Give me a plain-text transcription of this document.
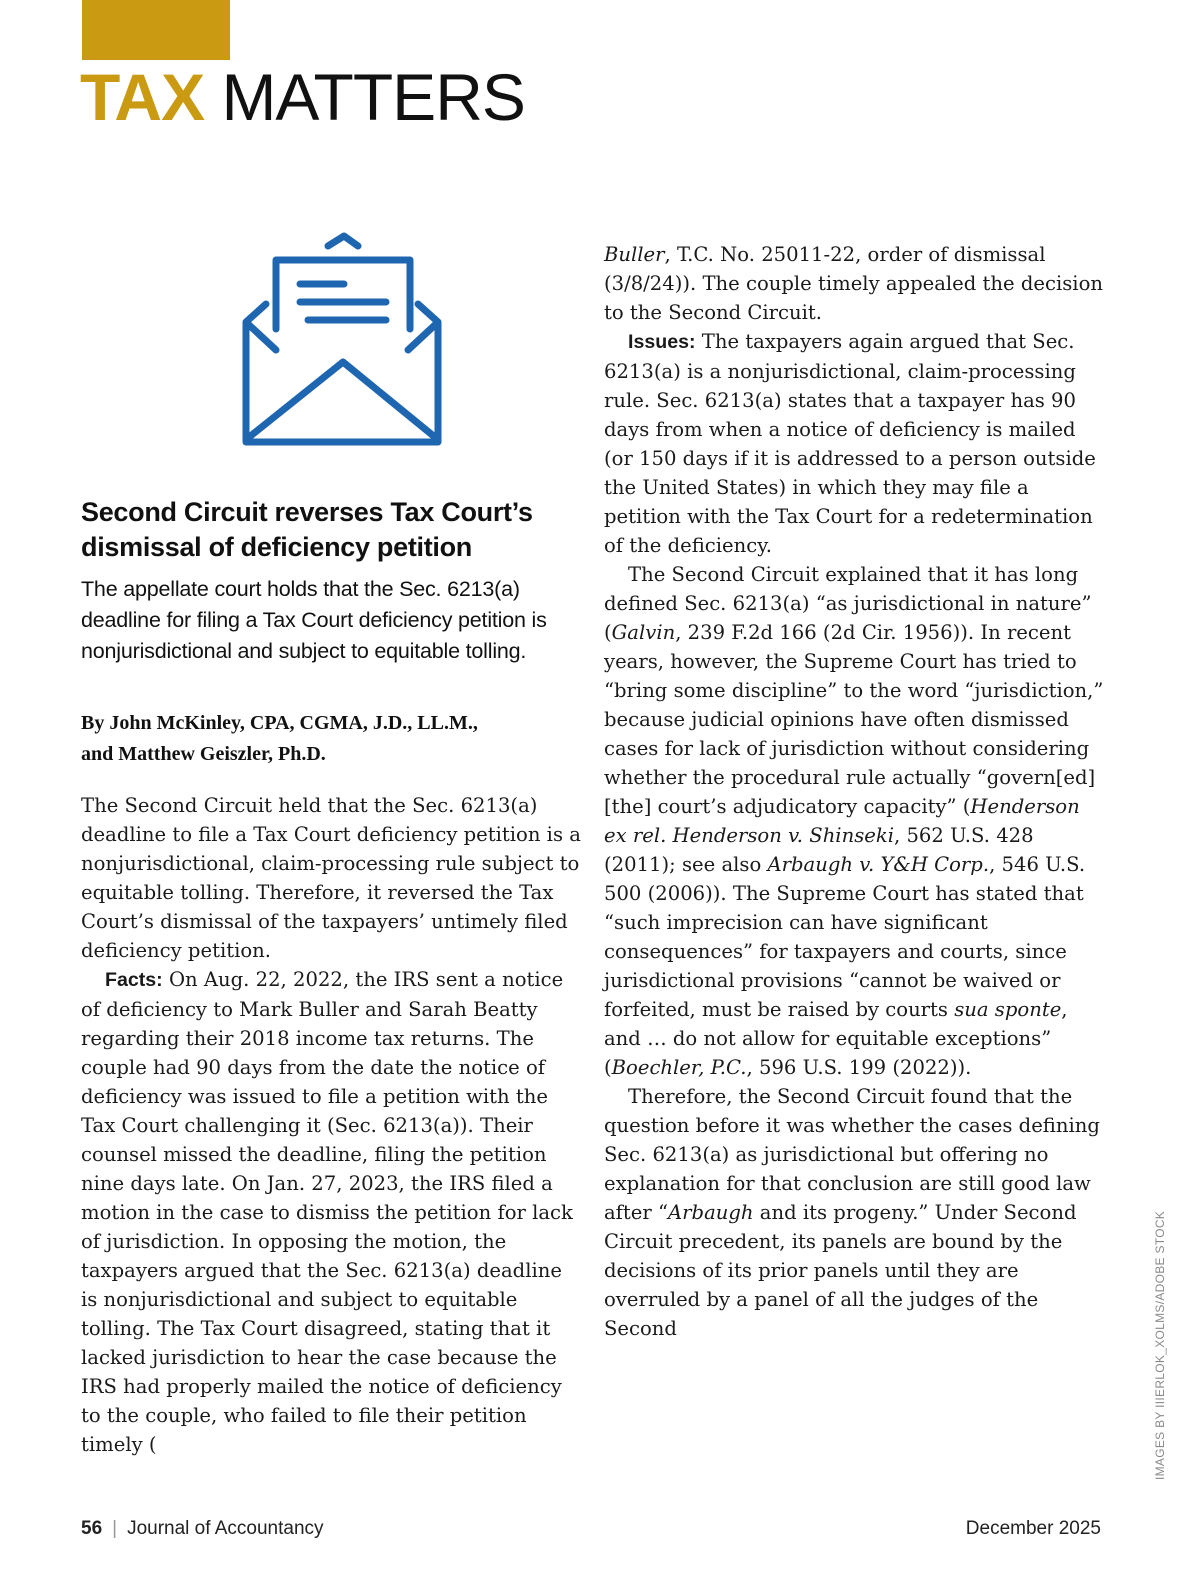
TAX MATTERS
Second Circuit reverses Tax Court’s dismissal of deficiency petition

The appellate court holds that the Sec. 6213(a) deadline for filing a Tax Court deficiency petition is nonjurisdictional and subject to equitable tolling.

By John McKinley, CPA, CGMA, J.D., LL.M.,
and Matthew Geiszler, Ph.D.

The Second Circuit held that the Sec. 6213(a) deadline to file a Tax Court deficiency petition is a nonjurisdictional, claim-processing rule subject to equitable tolling. Therefore, it reversed the Tax Court’s dismissal of the taxpayers’ untimely filed deficiency petition.

Facts: On Aug. 22, 2022, the IRS sent a notice of deficiency to Mark Buller and Sarah Beatty regarding their 2018 income tax returns. The couple had 90 days from the date the notice of deficiency was issued to file a petition with the Tax Court challenging it (Sec. 6213(a)). Their counsel missed the deadline, filing the petition nine days late. On Jan. 27, 2023, the IRS filed a motion in the case to dismiss the petition for lack of jurisdiction. In opposing the motion, the taxpayers argued that the Sec. 6213(a) deadline is nonjurisdictional and subject to equitable tolling. The Tax Court disagreed, stating that it lacked jurisdiction to hear the case because the IRS had properly mailed the notice of deficiency to the couple, who failed to file their petition timely (

Buller, T.C. No. 25011-22, order of dismissal (3/8/24)). The couple timely appealed the decision to the Second Circuit.

Issues: The taxpayers again argued that Sec. 6213(a) is a nonjurisdictional, claim-processing rule. Sec. 6213(a) states that a taxpayer has 90 days from when a notice of deficiency is mailed (or 150 days if it is addressed to a person outside the United States) in which they may file a petition with the Tax Court for a redetermination of the deficiency.

The Second Circuit explained that it has long defined Sec. 6213(a) “as jurisdictional in nature” (Galvin, 239 F.2d 166 (2d Cir. 1956)). In recent years, however, the Supreme Court has tried to “bring some discipline” to the word “jurisdiction,” because judicial opinions have often dismissed cases for lack of jurisdiction without considering whether the procedural rule actually “govern[ed] [the] court’s adjudicatory capacity” (Henderson ex rel. Henderson v. Shinseki, 562 U.S. 428 (2011); see also Arbaugh v. Y&H Corp., 546 U.S. 500 (2006)). The Supreme Court has stated that “such imprecision can have significant consequences” for taxpayers and courts, since jurisdictional provisions “cannot be waived or forfeited, must be raised by courts sua sponte, and … do not allow for equitable exceptions” (Boechler, P.C., 596 U.S. 199 (2022)).

Therefore, the Second Circuit found that the question before it was whether the cases defining Sec. 6213(a) as jurisdictional but offering no explanation for that conclusion are still good law after “Arbaugh and its progeny.” Under Second Circuit precedent, its panels are bound by the decisions of its prior panels until they are overruled by a panel of all the judges of the Second	IMAGES BY IIIERLOK_XOLMS/ADOBE STOCK
56 | Journal of Accountancy	December 2025
